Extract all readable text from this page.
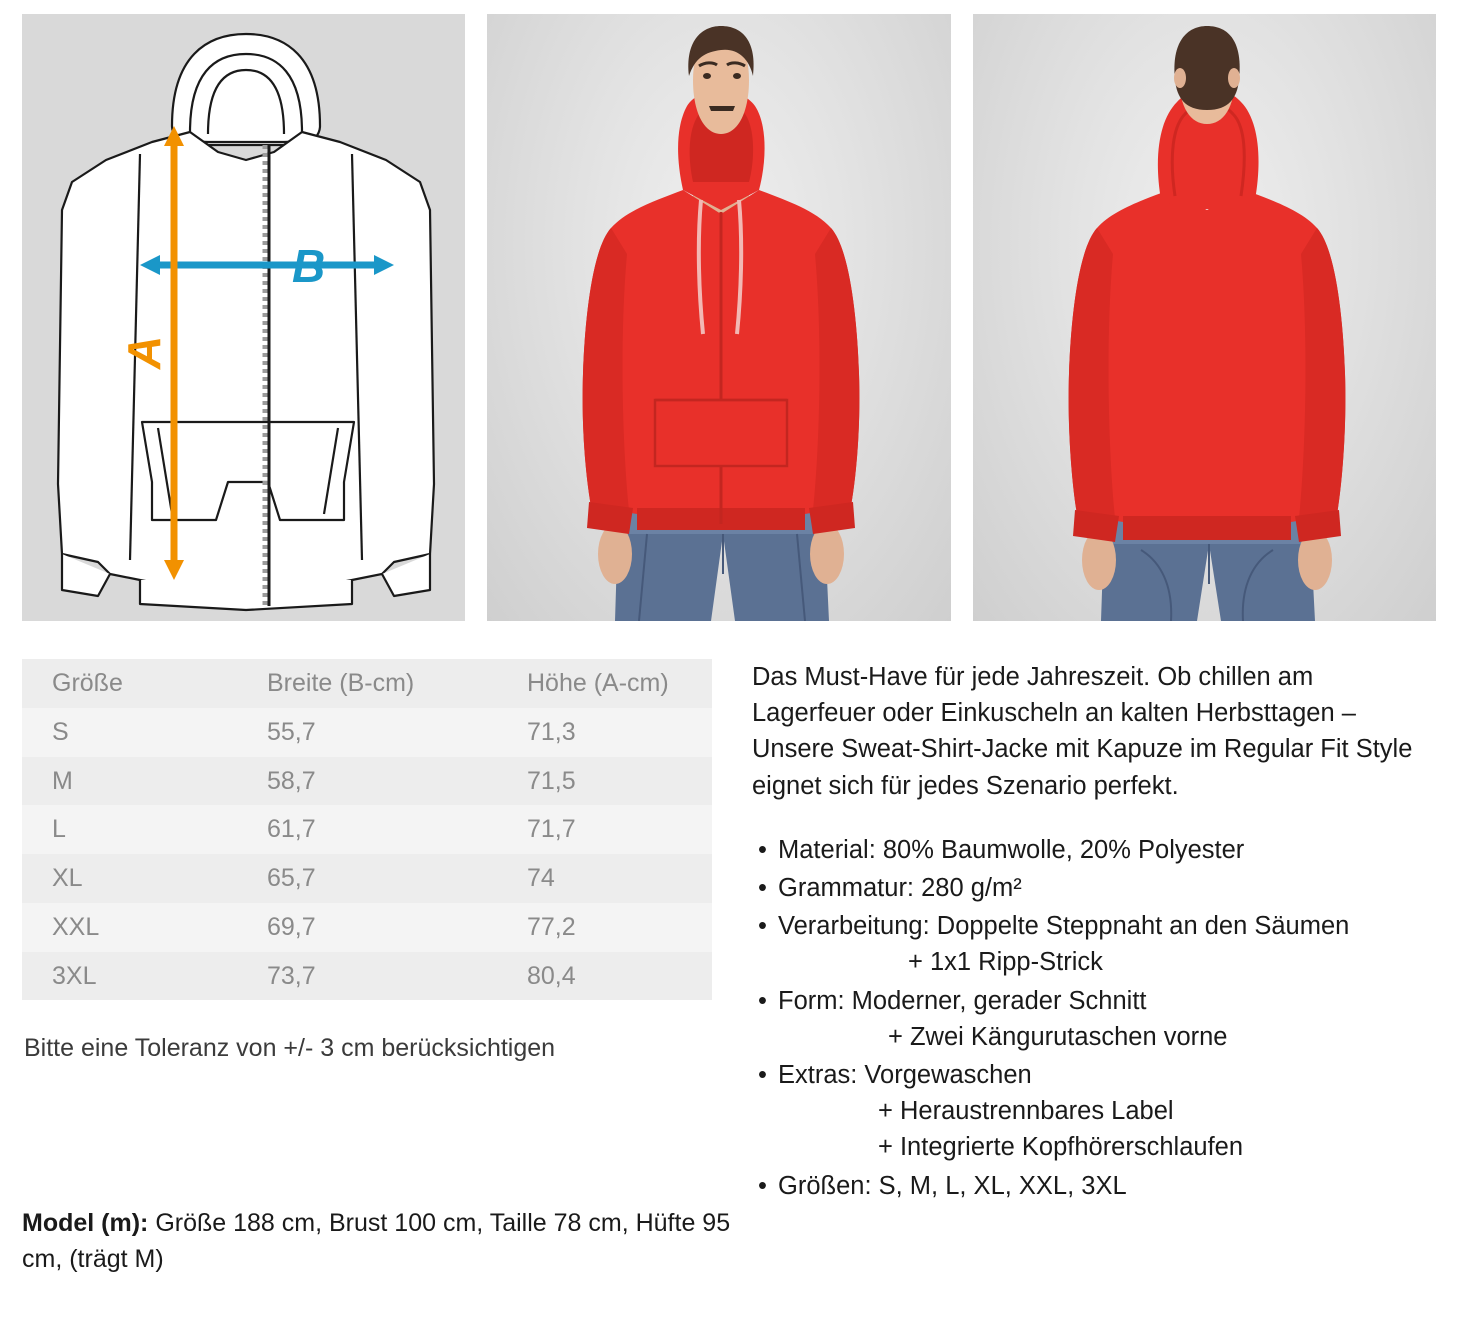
B
A
Größe	Breite (B-cm)	Höhe (A-cm)
S	55,7	71,3
M	58,7	71,5
L	61,7	71,7
XL	65,7	74
XXL	69,7	77,2
3XL	73,7	80,4

Bitte eine Toleranz von +/- 3 cm berücksichtigen

Das Must-Have für jede Jahreszeit. Ob chillen am Lagerfeuer oder Einkuscheln an kalten Herbsttagen – Unsere Sweat-Shirt-Jacke mit Kapuze im Regular Fit Style eignet sich für jedes Szenario perfekt.

• Material: 80% Baumwolle, 20% Polyester
• Grammatur: 280 g/m²
• Verarbeitung: Doppelte Steppnaht an den Säumen
+ 1x1 Ripp-Strick
• Form: Moderner, gerader Schnitt
+ Zwei Kängurutaschen vorne
• Extras: Vorgewaschen
+ Heraustrennbares Label
+ Integrierte Kopfhörerschlaufen
• Größen: S, M, L, XL, XXL, 3XL

Model (m): Größe 188 cm, Brust 100 cm, Taille 78 cm, Hüfte 95 cm, (trägt M)
